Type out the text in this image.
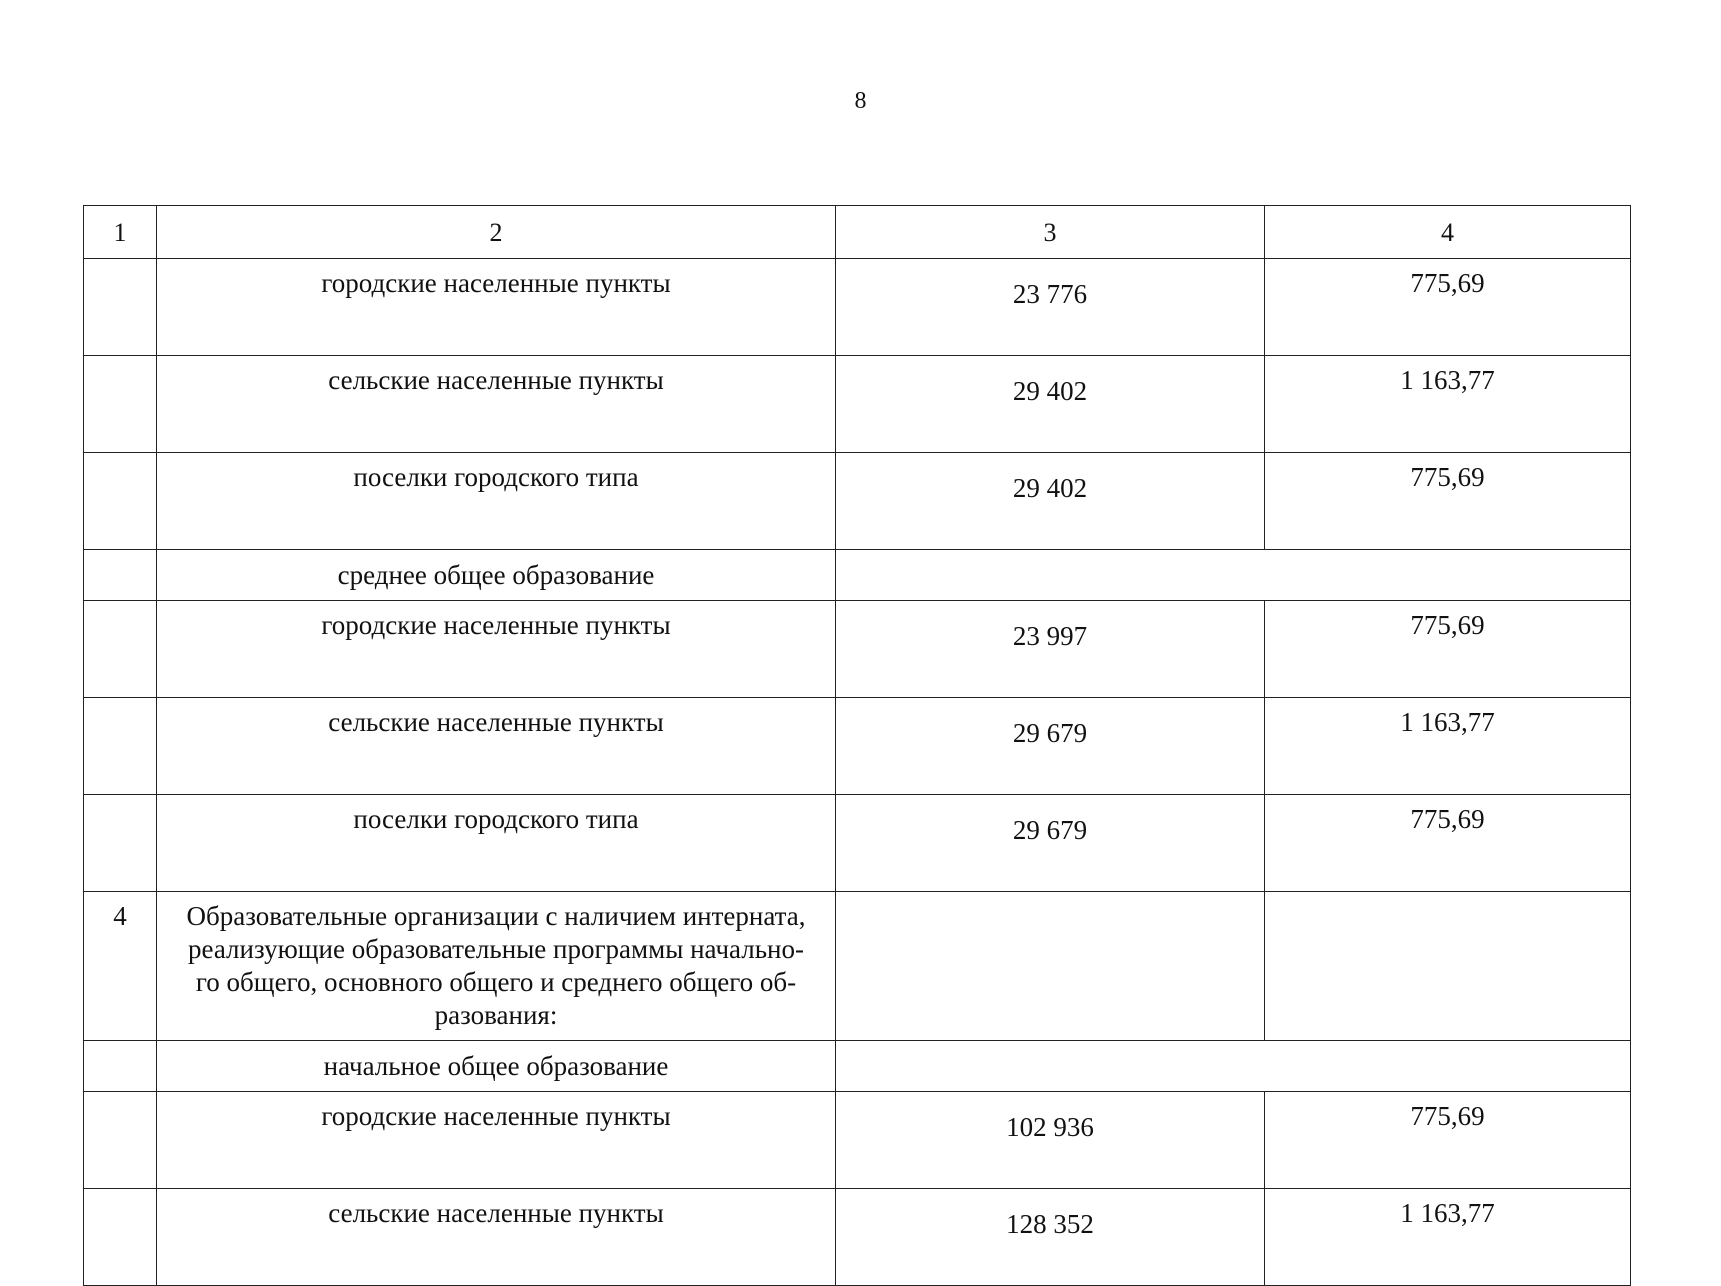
8
1	2	3	4
	городские населенные пункты	23 776	775,69
	сельские населенные пункты	29 402	1 163,77
	поселки городского типа	29 402	775,69
	среднее общее образование		
	городские населенные пункты	23 997	775,69
	сельские населенные пункты	29 679	1 163,77
	поселки городского типа	29 679	775,69
4	Образовательные организации с наличием интерната,
реализующие образовательные программы начально-
го общего, основного общего и среднего общего об-
разования:		

	начальное общее образование		
	городские населенные пункты	102 936	775,69
	сельские населенные пункты	128 352	1 163,77
